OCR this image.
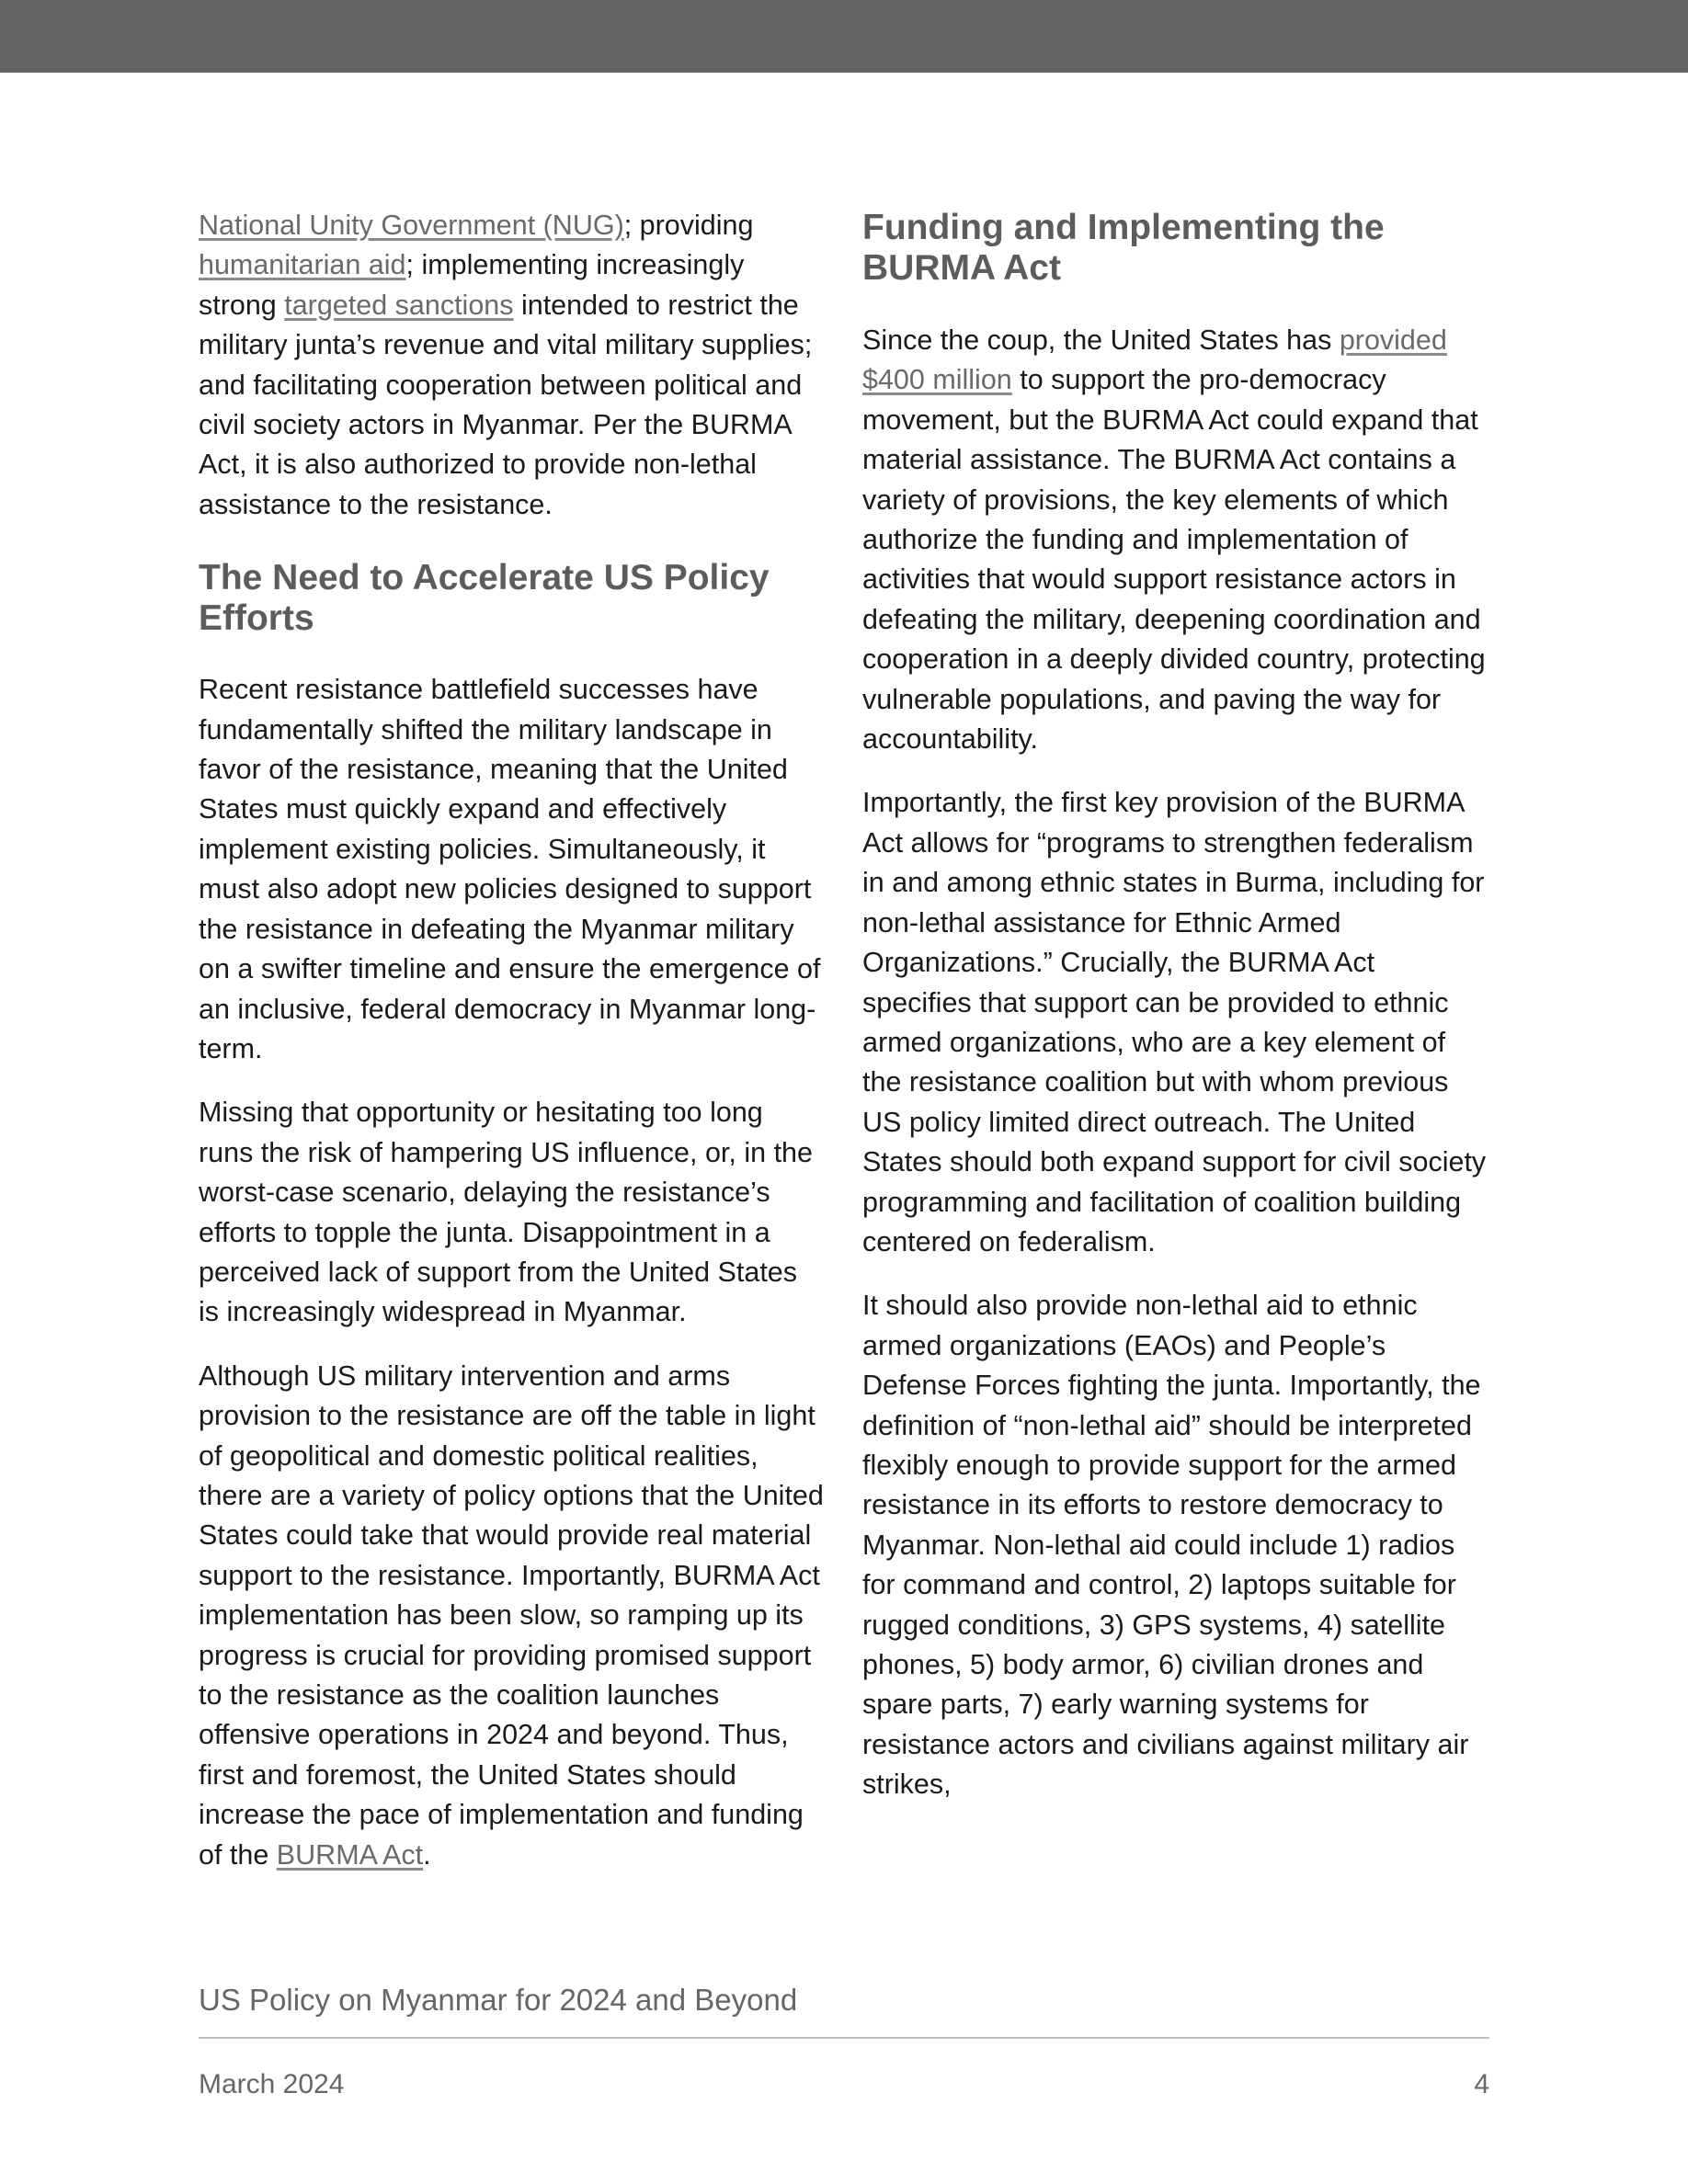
National Unity Government (NUG); providing humanitarian aid; implementing increasingly strong targeted sanctions intended to restrict the military junta’s revenue and vital military supplies; and facilitating cooperation between political and civil society actors in Myanmar. Per the BURMA Act, it is also authorized to provide non-lethal assistance to the resistance.

The Need to Accelerate US Policy Efforts

Recent resistance battlefield successes have fundamentally shifted the military landscape in favor of the resistance, meaning that the United States must quickly expand and effectively implement existing policies. Simultaneously, it must also adopt new policies designed to support the resistance in defeating the Myanmar military on a swifter timeline and ensure the emergence of an inclusive, federal democracy in Myanmar long-term.

Missing that opportunity or hesitating too long runs the risk of hampering US influence, or, in the worst-case scenario, delaying the resistance’s efforts to topple the junta. Disappointment in a perceived lack of support from the United States is increasingly widespread in Myanmar.

Although US military intervention and arms provision to the resistance are off the table in light of geopolitical and domestic political realities, there are a variety of policy options that the United States could take that would provide real material support to the resistance. Importantly, BURMA Act implementation has been slow, so ramping up its progress is crucial for providing promised support to the resistance as the coalition launches offensive operations in 2024 and beyond. Thus, first and foremost, the United States should increase the pace of implementation and funding of the BURMA Act.

Funding and Implementing the BURMA Act

Since the coup, the United States has provided $400 million to support the pro-democracy movement, but the BURMA Act could expand that material assistance. The BURMA Act contains a variety of provisions, the key elements of which authorize the funding and implementation of activities that would support resistance actors in defeating the military, deepening coordination and cooperation in a deeply divided country, protecting vulnerable populations, and paving the way for accountability.

Importantly, the first key provision of the BURMA Act allows for “programs to strengthen federalism in and among ethnic states in Burma, including for non-lethal assistance for Ethnic Armed Organizations.” Crucially, the BURMA Act specifies that support can be provided to ethnic armed organizations, who are a key element of the resistance coalition but with whom previous US policy limited direct outreach. The United States should both expand support for civil society programming and facilitation of coalition building centered on federalism.

It should also provide non-lethal aid to ethnic armed organizations (EAOs) and People’s Defense Forces fighting the junta. Importantly, the definition of “non-lethal aid” should be interpreted flexibly enough to provide support for the armed resistance in its efforts to restore democracy to Myanmar. Non-lethal aid could include 1) radios for command and control, 2) laptops suitable for rugged conditions, 3) GPS systems, 4) satellite phones, 5) body armor, 6) civilian drones and spare parts, 7) early warning systems for resistance actors and civilians against military air strikes,

US Policy on Myanmar for 2024 and Beyond
March 2024	4
